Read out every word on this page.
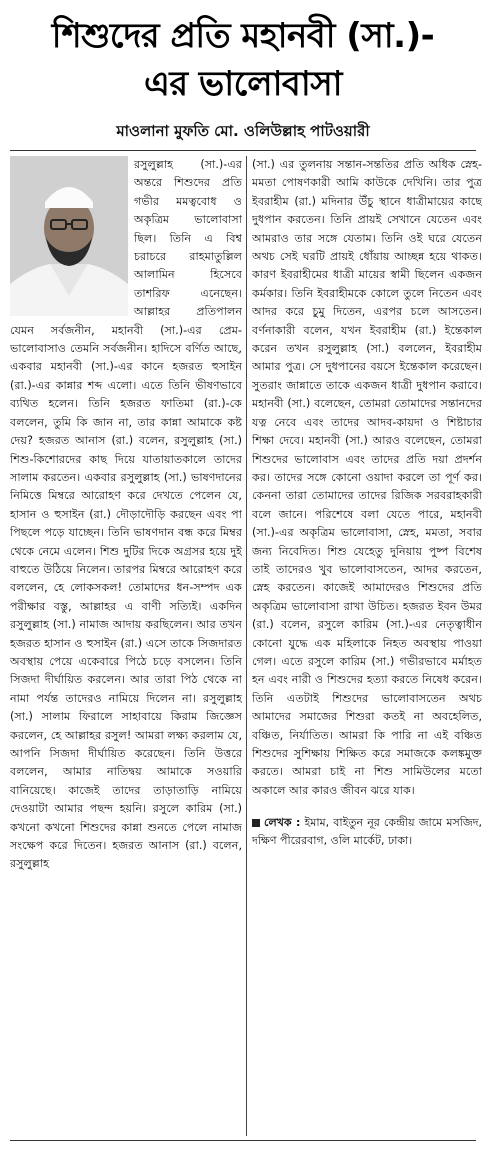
শিশুদের প্রতি মহানবী (সা.)-
এর ভালোবাসা
মাওলানা মুফতি মো. ওলিউল্লাহ পাটওয়ারী

রসুলুল্লাহ (সা.)-এর অন্তরে শিশুদের প্রতি গভীর মমত্ববোধ ও অকৃত্রিম ভালোবাসা ছিল। তিনি এ বিশ্ব চরাচরে রাহমাতুল্লিল আলামিন হিসেবে তাশরিফ এনেছেন। আল্লাহর প্রতিপালন যেমন সর্বজনীন, মহানবী (সা.)-এর প্রেম-ভালোবাসাও তেমনি সর্বজনীন। হাদিসে বর্ণিত আছে, একবার মহানবী (সা.)-এর কানে হজরত হুসাইন (রা.)-এর কান্নার শব্দ এলো। এতে তিনি ভীষণভাবে ব্যথিত হলেন। তিনি হজরত ফাতিমা (রা.)-কে বললেন, তুমি কি জান না, তার কান্না আমাকে কষ্ট দেয়? হজরত আনাস (রা.) বলেন, রসুলুল্লাহ (সা.) শিশু-কিশোরদের কাছ দিয়ে যাতায়াতকালে তাদের সালাম করতেন। একবার রসুলুল্লাহ (সা.) ভাষণদানের নিমিত্তে মিম্বরে আরোহণ করে দেখতে পেলেন যে, হাসান ও হুসাইন (রা.) দৌড়াদৌড়ি করছেন এবং পা পিছলে পড়ে যাচ্ছেন। তিনি ভাষণদান বন্ধ করে মিম্বর থেকে নেমে এলেন। শিশু দুটির দিকে অগ্রসর হয়ে দুই বাহুতে উঠিয়ে নিলেন। তারপর মিম্বরে আরোহণ করে বললেন, হে লোকসকল! তোমাদের ধন-সম্পদ এক পরীক্ষার বস্তু, আল্লাহর এ বাণী সত্যিই। একদিন রসুলুল্লাহ (সা.) নামাজ আদায় করছিলেন। আর তখন হজরত হাসান ও হুসাইন (রা.) এসে তাকে সিজদারত অবস্থায় পেয়ে একেবারে পিঠে চড়ে বসলেন। তিনি সিজদা দীর্ঘায়িত করলেন। আর তারা পিঠ থেকে না নামা পর্যন্ত তাদেরও নামিয়ে দিলেন না। রসুলুল্লাহ (সা.) সালাম ফিরালে সাহাবায়ে কিরাম জিজ্ঞেস করলেন, হে আল্লাহর রসুল! আমরা লক্ষ্য করলাম যে, আপনি সিজদা দীর্ঘায়িত করেছেন। তিনি উত্তরে বললেন, আমার নাতিদ্বয় আমাকে সওয়ারি বানিয়েছে। কাজেই তাদের তাড়াতাড়ি নামিয়ে দেওয়াটা আমার পছন্দ হয়নি। রসুলে কারিম (সা.) কখনো কখনো শিশুদের কান্না শুনতে পেলে নামাজ সংক্ষেপ করে দিতেন। হজরত আনাস (রা.) বলেন, রসুলুল্লাহ

(সা.) এর তুলনায় সন্তান-সন্ততির প্রতি অধিক স্নেহ-মমতা পোষণকারী আমি কাউকে দেখিনি। তার পুত্র ইবরাহীম (রা.) মদিনার উঁচু স্থানে ধাত্রীমায়ের কাছে দুধপান করতেন। তিনি প্রায়ই সেখানে যেতেন এবং আমরাও তার সঙ্গে যেতাম। তিনি ওই ঘরে যেতেন অথচ সেই ঘরটি প্রায়ই ধোঁয়ায় আচ্ছন্ন হয়ে থাকত। কারণ ইবরাহীমের ধাত্রী মায়ের স্বামী ছিলেন একজন কর্মকার। তিনি ইবরাহীমকে কোলে তুলে নিতেন এবং আদর করে চুমু দিতেন, এরপর চলে আসতেন। বর্ণনাকারী বলেন, যখন ইবরাহীম (রা.) ইন্তেকাল করেন তখন রসুলুল্লাহ (সা.) বললেন, ইবরাহীম আমার পুত্র। সে দুধপানের বয়সে ইন্তেকাল করেছেন। সুতরাং জান্নাতে তাকে একজন ধাত্রী দুধপান করাবে। মহানবী (সা.) বলেছেন, তোমরা তোমাদের সন্তানদের যত্ন নেবে এবং তাদের আদব-কায়দা ও শিষ্টাচার শিক্ষা দেবে। মহানবী (সা.) আরও বলেছেন, তোমরা শিশুদের ভালোবাস এবং তাদের প্রতি দয়া প্রদর্শন কর। তাদের সঙ্গে কোনো ওয়াদা করলে তা পূর্ণ কর। কেননা তারা তোমাদের তাদের রিজিক সরবরাহকারী বলে জানে। পরিশেষে বলা যেতে পারে, মহানবী (সা.)-এর অকৃত্রিম ভালোবাসা, স্নেহ, মমতা, সবার জন্য নিবেদিত। শিশু যেহেতু দুনিয়ায় পুষ্প বিশেষ তাই তাদেরও খুব ভালোবাসতেন, আদর করতেন, স্নেহ করতেন। কাজেই আমাদেরও শিশুদের প্রতি অকৃত্রিম ভালোবাসা রাখা উচিত। হজরত ইবন উমর (রা.) বলেন, রসুলে কারিম (সা.)-এর নেতৃত্বাধীন কোনো যুদ্ধে এক মহিলাকে নিহত অবস্থায় পাওয়া গেল। এতে রসুলে কারিম (সা.) গভীরভাবে মর্মাহত হন এবং নারী ও শিশুদের হত্যা করতে নিষেধ করেন। তিনি এতটাই শিশুদের ভালোবাসতেন অথচ আমাদের সমাজের শিশুরা কতই না অবহেলিত, বঞ্চিত, নির্যাতিত। আমরা কি পারি না এই বঞ্চিত শিশুদের সুশিক্ষায় শিক্ষিত করে সমাজকে কলঙ্কমুক্ত করতে। আমরা চাই না শিশু সামিউলের মতো অকালে আর কারও জীবন ঝরে যাক।

লেখক : ইমাম, বাইতুন নূর কেন্দ্রীয় জামে মসজিদ, দক্ষিণ পীরেরবাগ, ওলি মার্কেট, ঢাকা।
